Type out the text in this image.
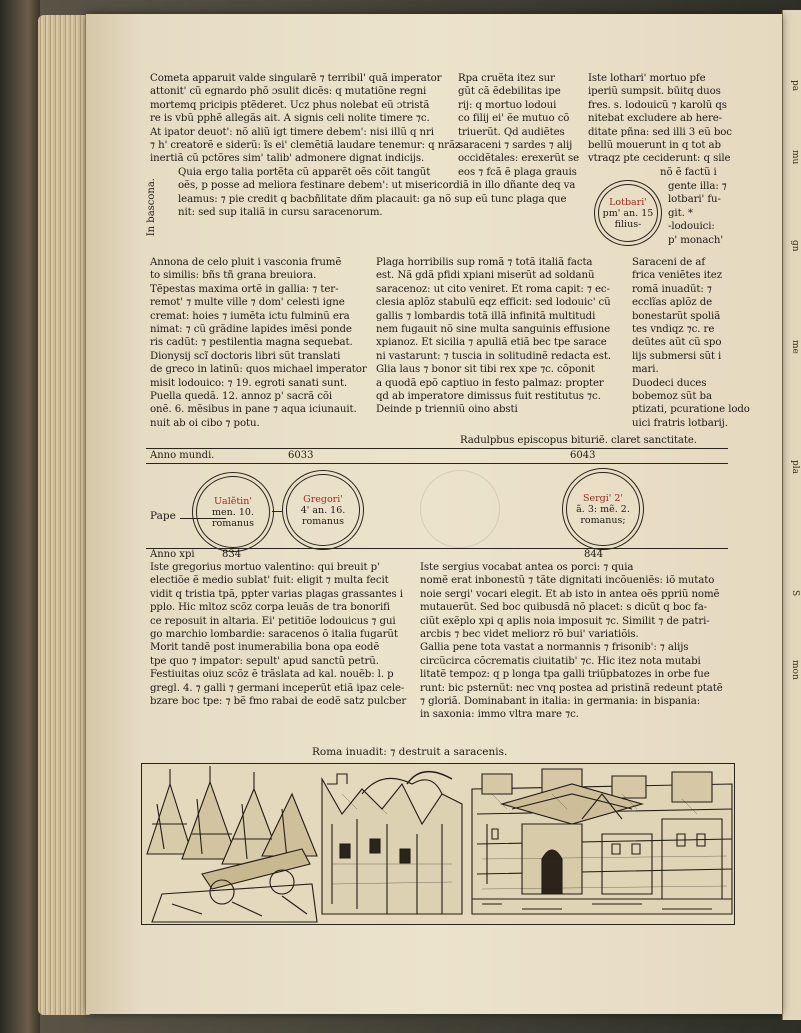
pa
mu
gn
me
pla
S
mon
Cometa apparuit valde singularẽ ⁊ terribil' quã imperator
attonit' cũ egnardo phõ ɔsulit dicẽs: q mutatiõne regni
mortemq pricipis ptẽderet. Ucz phus nolebat eũ ɔtristã
re is vbũ pphẽ allegãs ait. A signis celi nolite timere ⁊c.
At ipator deuot': nõ aliũ igt timere debem': nisi illũ q nri
⁊ h' creatorẽ e siderũ: ĩs ei' clemẽtiã laudare tenemur: q nrãz
inertiã cũ pctõres sim' talib' admonere dignat indicijs.
Quia ergo talia portẽta cũ apparẽt oẽs cõit tangũt
oẽs, p posse ad meliora festinare debem': ut misericordiã in illo dñante deq va
leamus: ⁊ pie credit q bacbñlitate dñm placauit: ga nõ sup eũ tunc plaga que
nit: sed sup italiã in cursu saracenorum.
In bascona.
Rpa cruẽta itez sur
gũt cã ẽdebilitas ipe
rij: q mortuo lodoui
co filij ei' ẽe mutuo cõ
triuerũt. Qd audiẽtes
saraceni ⁊ sardes ⁊ alij
occidẽtales: erexerũt se
eos ⁊ fcã ẽ plaga grauis
Iste lothari' mortuo pfe
iperiũ sumpsit. būitq duos
fres. s. lodouicũ ⁊ karolũ qs
nitebat excludere ab here-
ditate pñna: sed illi 3 eũ boc
bellũ mouerunt in q tot ab
vtraqz pte ceciderunt: q sile
nõ ẽ factũ i
gente illa: ⁊
lotbari' fu-
git. *
-lodouici:
p' monach'
Lotbari'
pm' an. 15
filius-
Annona de celo pluit i vasconia frumẽ
to similis: bñs tñ grana breuiora.
Tẽpestas maxima ortẽ in gallia: ⁊ ter-
remot' ⁊ multe ville ⁊ dom' celesti igne
cremat: hoies ⁊ iumẽta ictu fulminũ era
nimat: ⁊ cũ grãdine lapides imẽsi ponde
ris cadũt: ⁊ pestilentia magna sequebat.
Dionysij scĩ doctoris libri sũt translati
de greco in latinũ: quos michael imperator
misit lodouico: ⁊ 19. egroti sanati sunt.
Puella quedã. 12. annoz p' sacrã cõi
onẽ. 6. mẽsibus in pane ⁊ aqua iciunauit.
nuit ab oi cibo ⁊ potu.
Plaga horribilis sup romã ⁊ totã italiã facta
est. Nã gdã pfidi xpiani miserũt ad soldanũ
saracenoz: ut cito veniret. Et roma capit: ⁊ ec-
clesia aplõz stabulũ eqz efficit: sed lodouic' cũ
gallis ⁊ lombardis totã illã infinitã multitudi
nem fugauit nõ sine multa sanguinis effusione
xpianoz. Et sicilia ⁊ apuliã etiã bec tpe sarace
ni vastarunt: ⁊ tuscia in solitudinẽ redacta est.
Glia laus ⁊ bonor sit tibi rex xpe ⁊c. cõponit
a quodã epõ captiuo in festo palmaz: propter
qd ab imperatore dimissus fuit restitutus ⁊c.
Deinde p trienniũ oino absti
Saraceni de af
frica veniẽtes itez
romã inuadũt: ⁊
ecclĩas aplõz de
bonestarũt spoliã
tes vndiqz ⁊c. re
deũtes aũt cũ spo
lijs submersi sũt i
mari.
Duodeci duces
bobemoz sũt ba
ptizati, pcuratione lodo
uici fratris lotbarij.
Radulpbus episcopus bituriẽ. claret sanctitate.
Anno mundi.	6033	6043
Pape
Ualẽtin'
men. 10.
romanus
Gregori'
4' an. 16.
romanus
Sergi' 2'
ã. 3: mẽ. 2.
romanus;
Anno xpi	834	844
Iste gregorius mortuo valentino: qui breuit p'
electiõe ẽ medio sublat' fuit: eligit ⁊ multa fecit
vidit q tristia tpã, ppter varias plagas grassantes i
pplo. Hic mltoz scõz corpa leuãs de tra bonorifi
ce reposuit in altaria. Ei' petitiõe lodouicus ⁊ gui
go marchio lombardie: saracenos õ italia fugarũt
Morit tandẽ post inumerabilia bona opa eodẽ
tpe quo ⁊ impator: sepult' apud sanctũ petrũ.
Festiuitas oiuz scõz ẽ trãslata ad kal. nouẽb: l. p
gregl. 4. ⁊ galli ⁊ germani inceperũt etiã ipaz cele-
bzare boc tpe: ⁊ bẽ fmo rabai de eodẽ satz pulcber
Iste sergius vocabat antea os porci: ⁊ quia
nomẽ erat inbonestũ ⁊ tãte dignitati incõueniẽs: iõ mutato
noie sergi' vocari elegit. Et ab isto in antea oẽs ppriũ nomẽ
mutauerũt. Sed boc quibusdã nõ placet: s dicũt q boc fa-
ciũt exẽplo xpi q aplis noia imposuit ⁊c. Similit ⁊ de patri-
arcbis ⁊ bec videt meliorz rõ bui' variatiõis.
Gallia pene tota vastat a normannis ⁊ frisonib': ⁊ alijs
circũcirca cõcrematis ciuitatib' ⁊c. Hic itez nota mutabi
litatẽ tempoz: q p longa tpa galli triũpbatozes in orbe fue
runt: bic psternũt: nec vnq postea ad pristinã redeunt ptatẽ
⁊ gloriã. Dominabant in italia: in germania: in bispania:
in saxonia: immo vltra mare ⁊c.
Roma inuadit: ⁊ destruit a saracenis.
